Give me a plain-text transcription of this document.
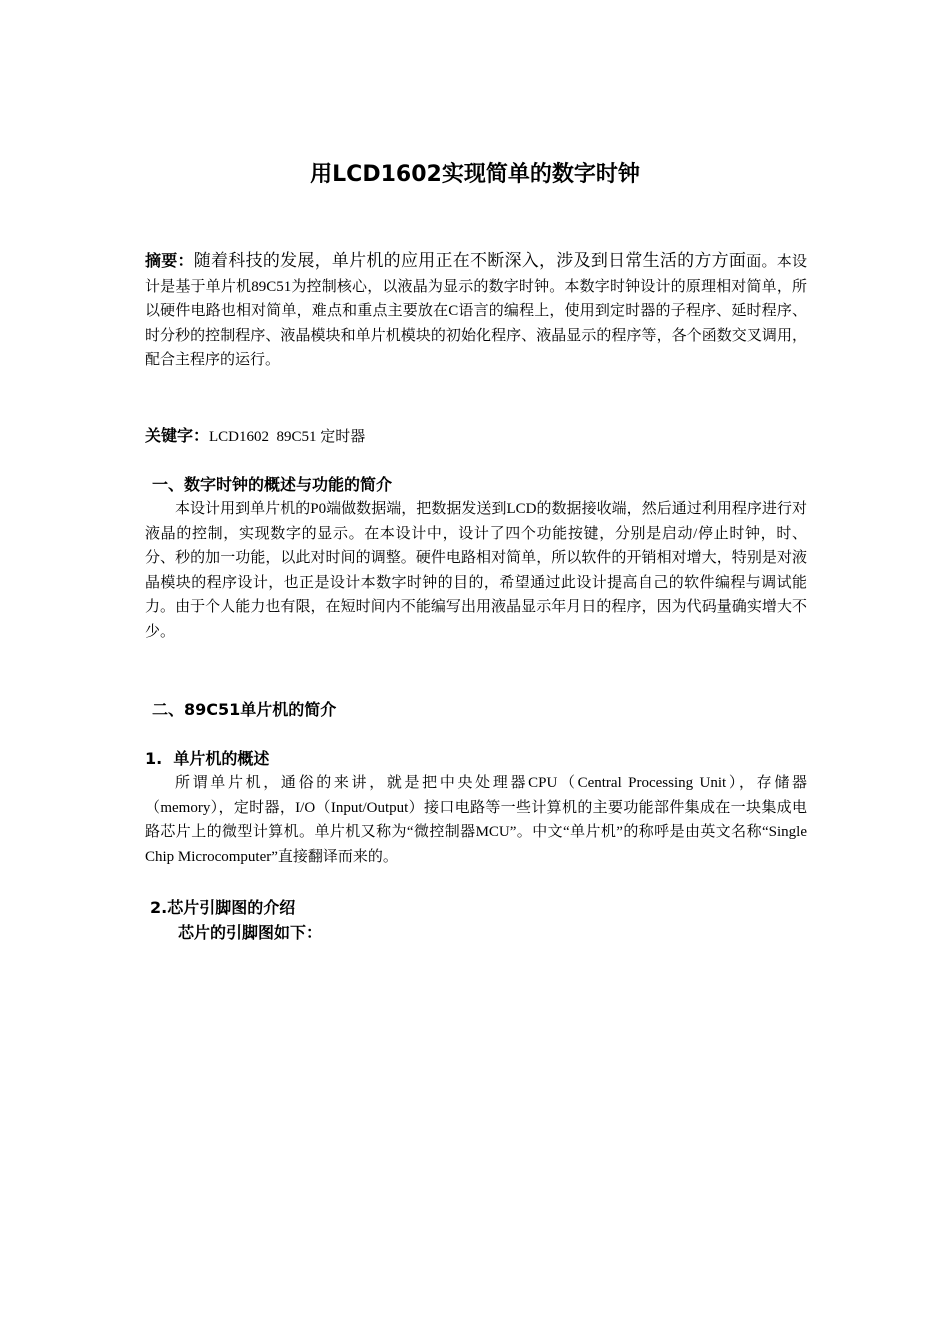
用LCD1602实现简单的数字时钟
摘要：随着科技的发展，单片机的应用正在不断深入，涉及到日常生活的方方面面。本设计是基于单片机89C51为控制核心，以液晶为显示的数字时钟。本数字时钟设计的原理相对简单，所以硬件电路也相对简单，难点和重点主要放在C语言的编程上，使用到定时器的子程序、延时程序、时分秒的控制程序、液晶模块和单片机模块的初始化程序、液晶显示的程序等，各个函数交叉调用，配合主程序的运行。
关键字：LCD1602  89C51 定时器
一、数字时钟的概述与功能的简介
本设计用到单片机的P0端做数据端，把数据发送到LCD的数据接收端，然后通过利用程序进行对液晶的控制，实现数字的显示。在本设计中，设计了四个功能按键，分别是启动/停止时钟，时、分、秒的加一功能，以此对时间的调整。硬件电路相对简单，所以软件的开销相对增大，特别是对液晶模块的程序设计，也正是设计本数字时钟的目的，希望通过此设计提高自己的软件编程与调试能力。由于个人能力也有限，在短时间内不能编写出用液晶显示年月日的程序，因为代码量确实增大不少。
二、89C51单片机的简介
1.  单片机的概述
所谓单片机，通俗的来讲，就是把中央处理器CPU（Central Processing Unit），存储器（memory），定时器，I/O（Input/Output）接口电路等一些计算机的主要功能部件集成在一块集成电路芯片上的微型计算机。单片机又称为“微控制器MCU”。中文“单片机”的称呼是由英文名称“Single Chip Microcomputer”直接翻译而来的。
2.芯片引脚图的介绍
芯片的引脚图如下：
